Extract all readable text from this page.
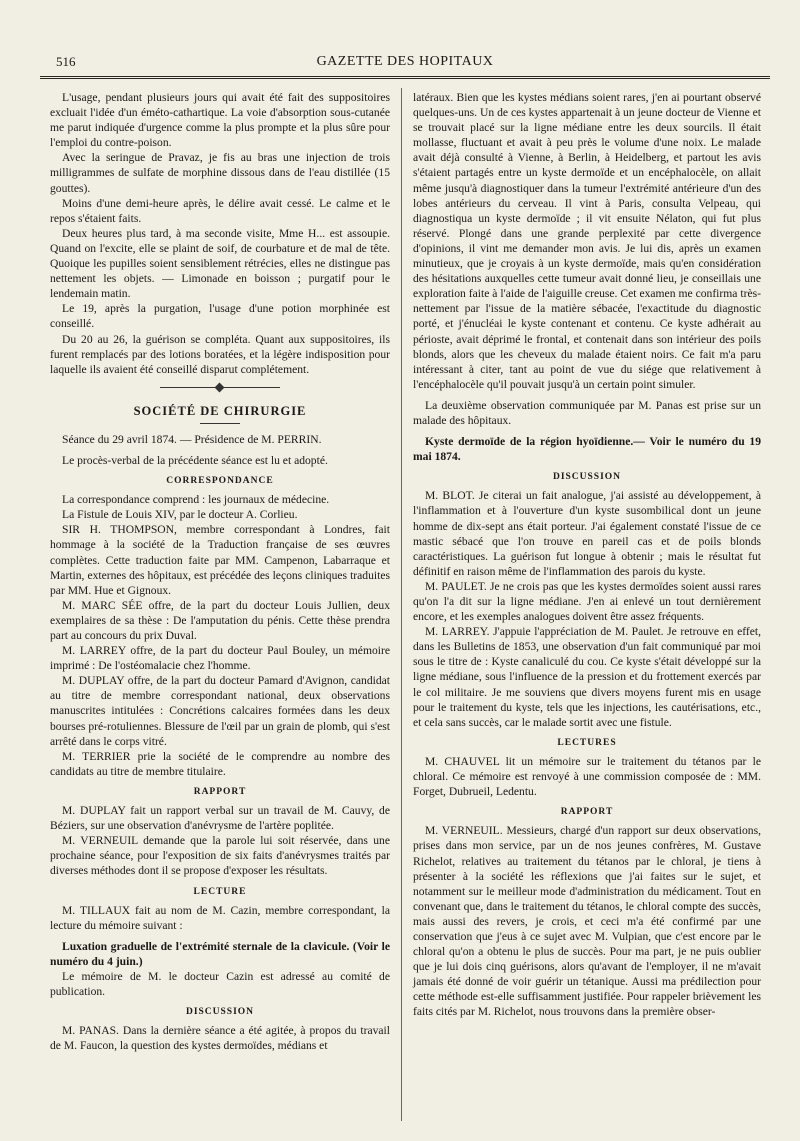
516	GAZETTE DES HOPITAUX

L'usage, pendant plusieurs jours qui avait été fait des suppositoires excluait l'idée d'un éméto-cathartique. La voie d'absorption sous-cutanée me parut indiquée d'urgence comme la plus prompte et la plus sûre pour l'emploi du contre-poison.

Avec la seringue de Pravaz, je fis au bras une injection de trois milligrammes de sulfate de morphine dissous dans de l'eau distillée (15 gouttes).

Moins d'une demi-heure après, le délire avait cessé. Le calme et le repos s'étaient faits.

Deux heures plus tard, à ma seconde visite, Mme H... est assoupie. Quand on l'excite, elle se plaint de soif, de courbature et de mal de tête. Quoique les pupilles soient sensiblement rétrécies, elles ne distingue pas nettement les objets. — Limonade en boisson ; purgatif pour le lendemain matin.

Le 19, après la purgation, l'usage d'une potion morphinée est conseillé.

Du 20 au 26, la guérison se compléta. Quant aux suppositoires, ils furent remplacés par des lotions boratées, et la légère indisposition pour laquelle ils avaient été conseillé disparut complétement.

SOCIÉTÉ DE CHIRURGIE

Séance du 29 avril 1874. — Présidence de M. PERRIN.

Le procès-verbal de la précédente séance est lu et adopté.

CORRESPONDANCE

La correspondance comprend : les journaux de médecine.

La Fistule de Louis XIV, par le docteur A. Corlieu.

SIR H. THOMPSON, membre correspondant à Londres, fait hommage à la société de la Traduction française de ses œuvres complètes. Cette traduction faite par MM. Campenon, Labarraque et Martin, externes des hôpitaux, est précédée des leçons cliniques traduites par MM. Hue et Gignoux.

M. MARC SÉE offre, de la part du docteur Louis Jullien, deux exemplaires de sa thèse : De l'amputation du pénis. Cette thèse prendra part au concours du prix Duval.

M. LARREY offre, de la part du docteur Paul Bouley, un mémoire imprimé : De l'ostéomalacie chez l'homme.

M. DUPLAY offre, de la part du docteur Pamard d'Avignon, candidat au titre de membre correspondant national, deux observations manuscrites intitulées : Concrétions calcaires formées dans les deux bourses pré-rotuliennes. Blessure de l'œil par un grain de plomb, qui s'est arrêté dans le corps vitré.

M. TERRIER prie la société de le comprendre au nombre des candidats au titre de membre titulaire.

RAPPORT

M. DUPLAY fait un rapport verbal sur un travail de M. Cauvy, de Béziers, sur une observation d'anévrysme de l'artère poplitée.

M. VERNEUIL demande que la parole lui soit réservée, dans une prochaine séance, pour l'exposition de six faits d'anévrysmes traités par diverses méthodes dont il se propose d'exposer les résultats.

LECTURE

M. TILLAUX fait au nom de M. Cazin, membre correspondant, la lecture du mémoire suivant :

Luxation graduelle de l'extrémité sternale de la clavicule. (Voir le numéro du 4 juin.)

Le mémoire de M. le docteur Cazin est adressé au comité de publication.

DISCUSSION

M. PANAS. Dans la dernière séance a été agitée, à propos du travail de M. Faucon, la question des kystes dermoïdes, médians et

latéraux. Bien que les kystes médians soient rares, j'en ai pourtant observé quelques-uns. Un de ces kystes appartenait à un jeune docteur de Vienne et se trouvait placé sur la ligne médiane entre les deux sourcils. Il était mollasse, fluctuant et avait à peu près le volume d'une noix. Le malade avait déjà consulté à Vienne, à Berlin, à Heidelberg, et partout les avis s'étaient partagés entre un kyste dermoïde et un encéphalocèle, on allait même jusqu'à diagnostiquer dans la tumeur l'extrémité antérieure d'un des lobes antérieurs du cerveau. Il vint à Paris, consulta Velpeau, qui diagnostiqua un kyste dermoïde ; il vit ensuite Nélaton, qui fut plus réservé. Plongé dans une grande perplexité par cette divergence d'opinions, il vint me demander mon avis. Je lui dis, après un examen minutieux, que je croyais à un kyste dermoïde, mais qu'en considération des hésitations auxquelles cette tumeur avait donné lieu, je conseillais une exploration faite à l'aide de l'aiguille creuse. Cet examen me confirma très-nettement par l'issue de la matière sébacée, l'exactitude du diagnostic porté, et j'énucléai le kyste contenant et contenu. Ce kyste adhérait au périoste, avait déprimé le frontal, et contenait dans son intérieur des poils blonds, alors que les cheveux du malade étaient noirs. Ce fait m'a paru intéressant à citer, tant au point de vue du siége que relativement à l'encéphalocèle qu'il pouvait jusqu'à un certain point simuler.

La deuxième observation communiquée par M. Panas est prise sur un malade des hôpitaux.

Kyste dermoïde de la région hyoïdienne.— Voir le numéro du 19 mai 1874.

DISCUSSION

M. BLOT. Je citerai un fait analogue, j'ai assisté au développement, à l'inflammation et à l'ouverture d'un kyste susombilical dont un jeune homme de dix-sept ans était porteur. J'ai également constaté l'issue de ce mastic sébacé que l'on trouve en pareil cas et de poils blonds caractéristiques. La guérison fut longue à obtenir ; mais le résultat fut définitif en raison même de l'inflammation des parois du kyste.

M. PAULET. Je ne crois pas que les kystes dermoïdes soient aussi rares qu'on l'a dit sur la ligne médiane. J'en ai enlevé un tout dernièrement encore, et les exemples analogues doivent être assez fréquents.

M. LARREY. J'appuie l'appréciation de M. Paulet. Je retrouve en effet, dans les Bulletins de 1853, une observation d'un fait communiqué par moi sous le titre de : Kyste canaliculé du cou. Ce kyste s'était développé sur la ligne médiane, sous l'influence de la pression et du frottement exercés par le col militaire. Je me souviens que divers moyens furent mis en usage pour le traitement du kyste, tels que les injections, les cautérisations, etc., et cela sans succès, car le malade sortit avec une fistule.

LECTURES

M. CHAUVEL lit un mémoire sur le traitement du tétanos par le chloral. Ce mémoire est renvoyé à une commission composée de : MM. Forget, Dubrueil, Ledentu.

RAPPORT

M. VERNEUIL. Messieurs, chargé d'un rapport sur deux observations, prises dans mon service, par un de nos jeunes confrères, M. Gustave Richelot, relatives au traitement du tétanos par le chloral, je tiens à présenter à la société les réflexions que j'ai faites sur le sujet, et notamment sur le meilleur mode d'administration du médicament. Tout en convenant que, dans le traitement du tétanos, le chloral compte des succès, mais aussi des revers, je crois, et ceci m'a été confirmé par une conservation que j'eus à ce sujet avec M. Vulpian, que c'est encore par le chloral qu'on a obtenu le plus de succès. Pour ma part, je ne puis oublier que je lui dois cinq guérisons, alors qu'avant de l'employer, il ne m'avait jamais été donné de voir guérir un tétanique. Aussi ma prédilection pour cette méthode est-elle suffisamment justifiée. Pour rappeler brièvement les faits cités par M. Richelot, nous trouvons dans la première obser-
